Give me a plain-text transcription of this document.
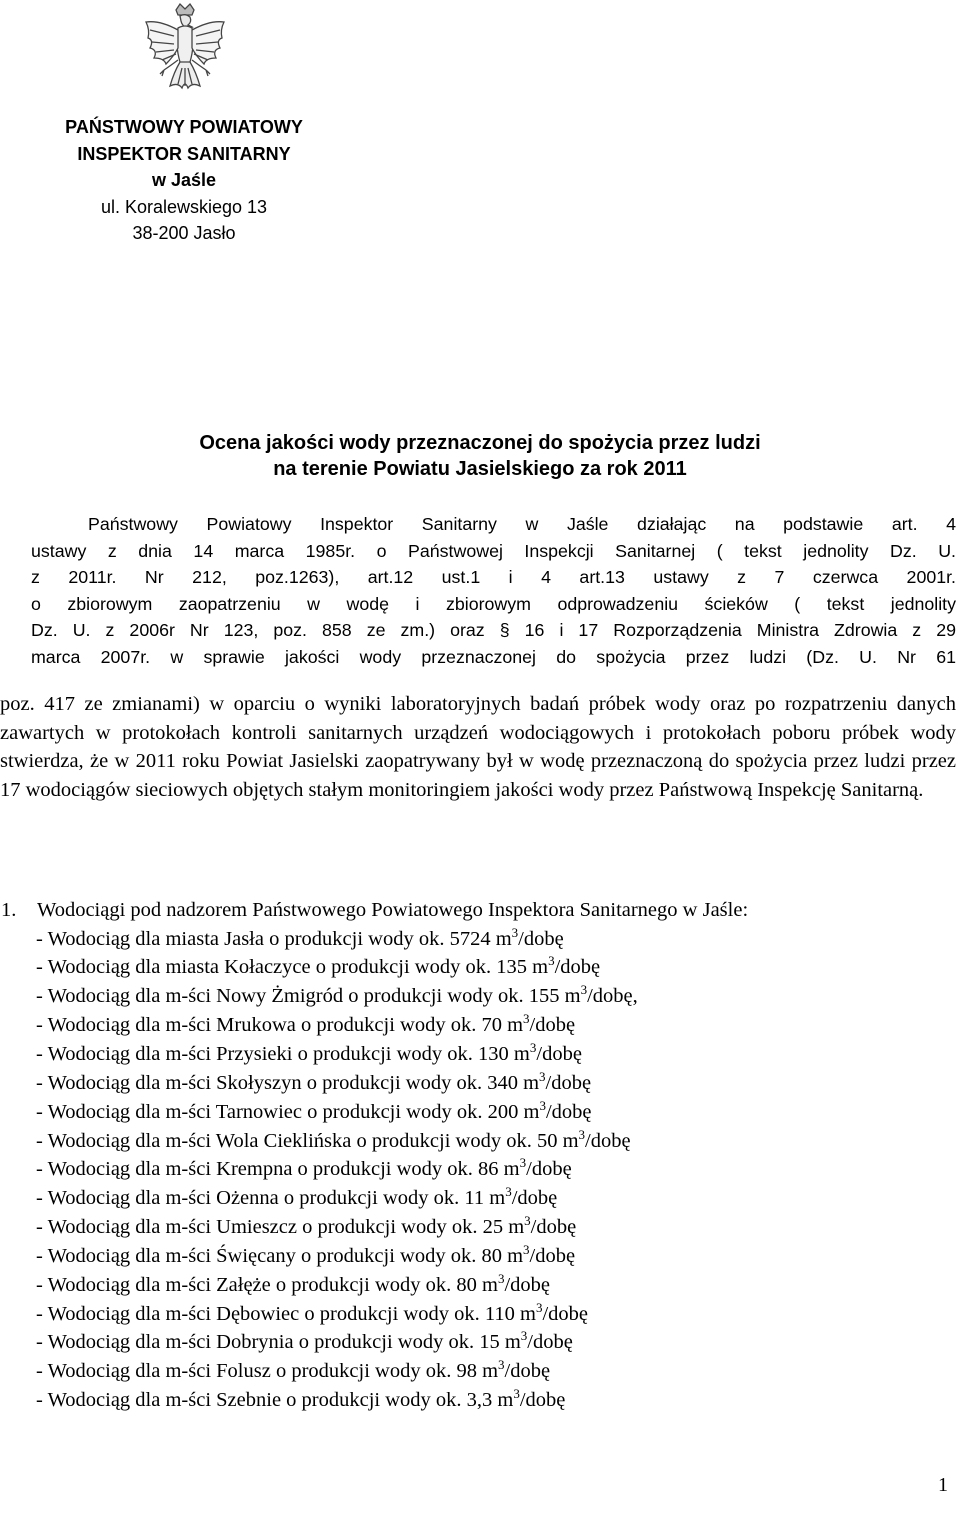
PAŃSTWOWY POWIATOWY
INSPEKTOR SANITARNY
w Jaśle
ul. Koralewskiego 13
38-200 Jasło
Ocena jakości wody przeznaczonej do spożycia przez ludzi
na terenie Powiatu Jasielskiego za rok 2011
Państwowy Powiatowy Inspektor Sanitarny w Jaśle działając na podstawie art. 4
ustawy z dnia 14 marca 1985r. o Państwowej Inspekcji Sanitarnej ( tekst jednolity Dz. U.
z 2011r. Nr 212, poz.1263), art.12 ust.1 i 4 art.13 ustawy z 7 czerwca 2001r.
o zbiorowym zaopatrzeniu w wodę i zbiorowym odprowadzeniu ścieków ( tekst jednolity
Dz. U. z 2006r Nr 123, poz. 858 ze zm.) oraz § 16 i 17 Rozporządzenia Ministra Zdrowia z 29
marca 2007r. w sprawie jakości wody przeznaczonej do spożycia przez ludzi (Dz. U. Nr 61
poz. 417 ze zmianami) w oparciu o wyniki laboratoryjnych badań próbek wody oraz po rozpatrzeniu danych zawartych w protokołach kontroli sanitarnych urządzeń wodociągowych i protokołach poboru próbek wody stwierdza, że w 2011 roku Powiat Jasielski zaopatrywany był w wodę przeznaczoną do spożycia przez ludzi przez 17 wodociągów sieciowych objętych stałym monitoringiem jakości wody przez Państwową Inspekcję Sanitarną.
1. Wodociągi pod nadzorem Państwowego Powiatowego Inspektora Sanitarnego w Jaśle:
- Wodociąg dla miasta Jasła o produkcji wody ok. 5724 $m^3$/dobę
- Wodociąg dla miasta Kołaczyce o produkcji wody ok. 135 $m^3$/dobę
- Wodociąg dla m-ści Nowy Żmigród o produkcji wody ok. 155 $m^3$/dobę,
- Wodociąg dla m-ści Mrukowa o produkcji wody ok. 70 $m^3$/dobę
- Wodociąg dla m-ści Przysieki o produkcji wody ok. 130 $m^3$/dobę
- Wodociąg dla m-ści Skołyszyn o produkcji wody ok. 340 $m^3$/dobę
- Wodociąg dla m-ści Tarnowiec o produkcji wody ok. 200 $m^3$/dobę
- Wodociąg dla m-ści Wola Cieklińska o produkcji wody ok. 50 $m^3$/dobę
- Wodociąg dla m-ści Krempna o produkcji wody ok. 86 $m^3$/dobę
- Wodociąg dla m-ści Ożenna o produkcji wody ok. 11 $m^3$/dobę
- Wodociąg dla m-ści Umieszcz o produkcji wody ok. 25 $m^3$/dobę
- Wodociąg dla m-ści Święcany o produkcji wody ok. 80 $m^3$/dobę
- Wodociąg dla m-ści Załęże o produkcji wody ok. 80 $m^3$/dobę
- Wodociąg dla m-ści Dębowiec o produkcji wody ok. 110 $m^3$/dobę
- Wodociąg dla m-ści Dobrynia o produkcji wody ok. 15 $m^3$/dobę
- Wodociąg dla m-ści Folusz o produkcji wody ok. 98 $m^3$/dobę
- Wodociąg dla m-ści Szebnie o produkcji wody ok. 3,3 $m^3$/dobę
1
